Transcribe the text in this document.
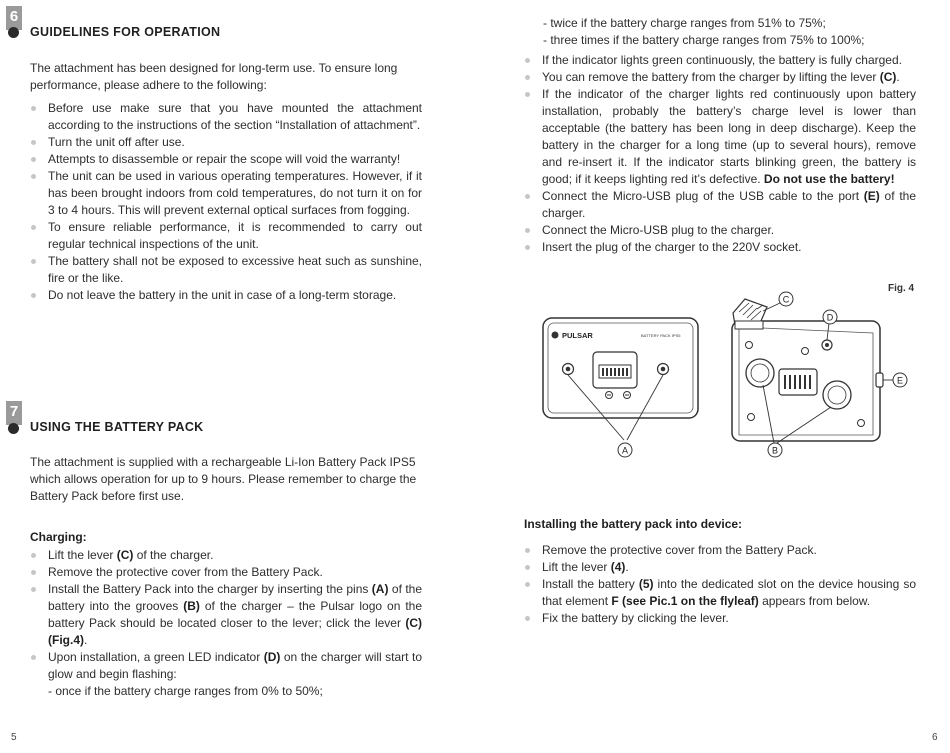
6
GUIDELINES FOR OPERATION

The attachment has been designed for long-term use. To ensure long performance, please adhere to the following:

Before use make sure that you have mounted the attachment according to the instructions of the section “Installation of attachment”.
Turn the unit off after use.
Attempts to disassemble or repair the scope will void the warranty!
The unit can be used in various operating temperatures. However, if it has been brought indoors from cold temperatures, do not turn it on for 3 to 4 hours. This will prevent external optical surfaces from fogging.
To ensure reliable performance, it is recommended to carry out regular technical inspections of the unit.
The battery shall not be exposed to excessive heat such as sunshine, fire or the like.
Do not leave the battery in the unit in case of a long-term storage.
7
USING THE BATTERY PACK

The attachment is supplied with a rechargeable Li-Ion Battery Pack IPS5 which allows operation for up to 9 hours. Please remember to charge the Battery Pack before first use.

Charging:
Lift the lever (C) of the charger.
Remove the protective cover from the Battery Pack.
Install the Battery Pack into the charger by inserting the pins (A) of the battery into the grooves (B) of the charger – the Pulsar logo on the battery Pack should be located closer to the lever; click the lever (C)(Fig.4).
Upon installation, a green LED indicator (D) on the charger will start to glow and begin flashing:
- once if the battery charge ranges from 0% to 50%;
5

- twice if the battery charge ranges from 51% to 75%;

- three times if the battery charge ranges from 75% to 100%;

If the indicator lights green continuously, the battery is fully charged.
You can remove the battery from the charger by lifting the lever (C).
If the indicator of the charger lights red continuously upon battery installation, probably the battery’s charge level is lower than acceptable (the battery has been long in deep discharge). Keep the battery in the charger for a long time (up to several hours), remove and re-insert it. If the indicator starts blinking green, the battery is good; if it keeps lighting red it’s defective. Do not use the battery!
Connect the Micro-USB plug of the USB cable to the port (E) of the charger.
Connect the Micro-USB plug to the charger.
Insert the plug of the charger to the 220V socket.
Fig. 4
PULSAR	BATTERY PACK IPS5
A	B
C
D
E
Installing the battery pack into device:
Remove the protective cover from the Battery Pack.
Lift the lever (4).
Install the battery (5) into the dedicated slot on the device housing so that element F (see Pic.1 on the flyleaf) appears from below.
Fix the battery by clicking the lever.
6
